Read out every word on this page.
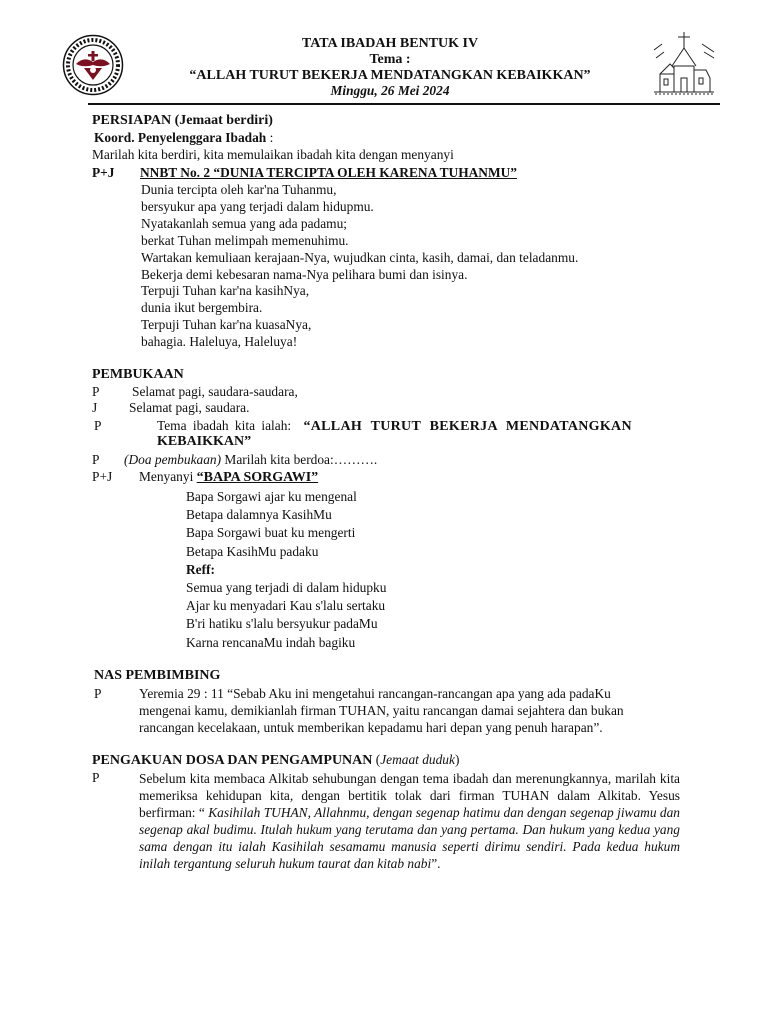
TATA IBADAH BENTUK IV
Tema :
“ALLAH TURUT BEKERJA MENDATANGKAN KEBAIKKAN”
Minggu, 26 Mei 2024
PERSIAPAN (Jemaat berdiri)
Koord. Penyelenggara Ibadah :
Marilah kita berdiri, kita memulaikan ibadah kita dengan menyanyi
P+J NNBT No. 2 “DUNIA TERCIPTA OLEH KARENA TUHANMU”
Dunia tercipta oleh kar'na Tuhanmu,
bersyukur apa yang terjadi dalam hidupmu.
Nyatakanlah semua yang ada padamu;
berkat Tuhan melimpah memenuhimu.
Wartakan kemuliaan kerajaan-Nya, wujudkan cinta, kasih, damai, dan teladanmu.
Bekerja demi kebesaran nama-Nya pelihara bumi dan isinya.
Terpuji Tuhan kar'na kasihNya,
dunia ikut bergembira.
Terpuji Tuhan kar'na kuasaNya,
bahagia. Haleluya, Haleluya!
PEMBUKAAN
P Selamat pagi, saudara-saudara,
J Selamat pagi, saudara.
P	Tema ibadah kita ialah: “ALLAH TURUT BEKERJA MENDATANGKAN
KEBAIKKAN”
P (Doa pembukaan) Marilah kita berdoa:……….
P+J Menyanyi “BAPA SORGAWI”
Bapa Sorgawi ajar ku mengenal
Betapa dalamnya KasihMu
Bapa Sorgawi buat ku mengerti
Betapa KasihMu padaku
Reff:
Semua yang terjadi di dalam hidupku
Ajar ku menyadari Kau s'lalu sertaku
B'ri hatiku s'lalu bersyukur padaMu
Karna rencanaMu indah bagiku
NAS PEMBIMBING
P	Yeremia 29 : 11 “Sebab Aku ini mengetahui rancangan-rancangan apa yang ada padaKu mengenai kamu, demikianlah firman TUHAN, yaitu rancangan damai sejahtera dan bukan rancangan kecelakaan, untuk memberikan kepadamu hari depan yang penuh harapan”.
PENGAKUAN DOSA DAN PENGAMPUNAN (Jemaat duduk)
P	Sebelum kita membaca Alkitab sehubungan dengan tema ibadah dan merenungkannya, marilah kita memeriksa kehidupan kita, dengan bertitik tolak dari firman TUHAN dalam Alkitab. Yesus berfirman: “ Kasihilah TUHAN, Allahnmu, dengan segenap hatimu dan dengan segenap jiwamu dan segenap akal budimu. Itulah hukum yang terutama dan yang pertama. Dan hukum yang kedua yang sama dengan itu ialah Kasihilah sesamamu manusia seperti dirimu sendiri. Pada kedua hukum inilah tergantung seluruh hukum taurat dan kitab nabi”.
